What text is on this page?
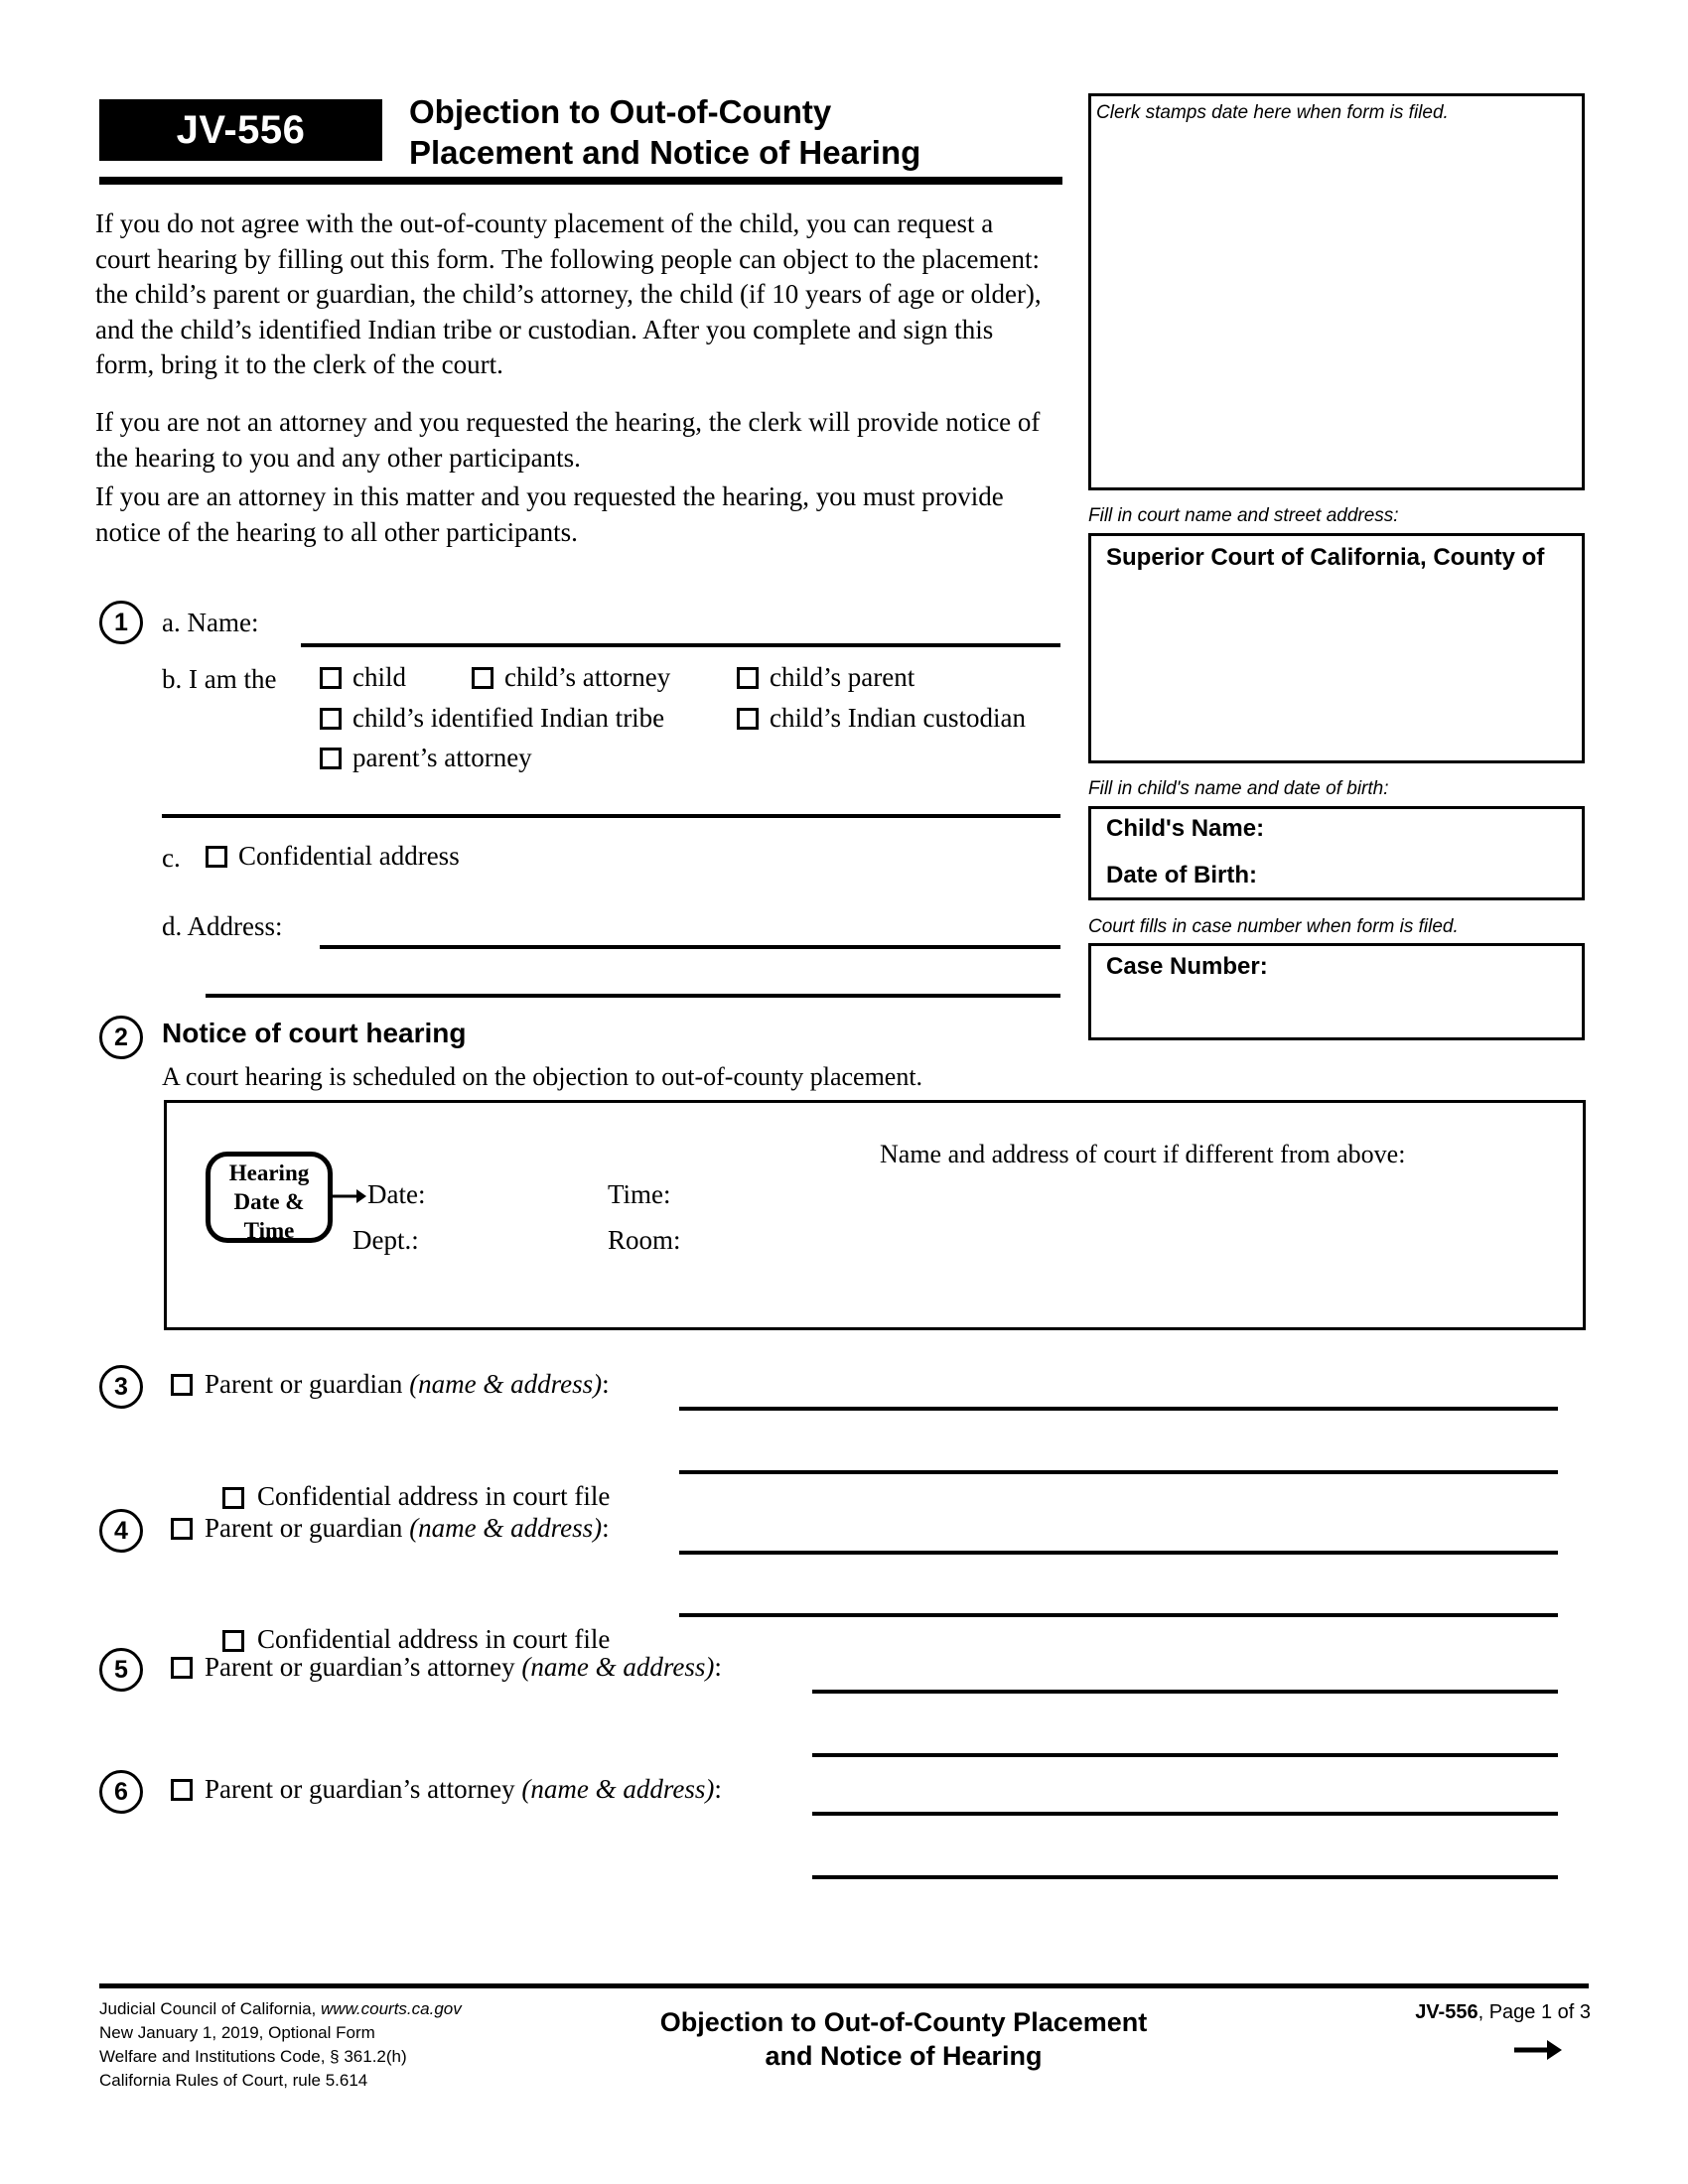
JV-556	Objection to Out-of-County
Placement and Notice of Hearing
If you do not agree with the out-of-county placement of the child, you can request a court hearing by filling out this form. The following people can object to the placement: the child’s parent or guardian, the child’s attorney, the child (if 10 years of age or older), and the child’s identified Indian tribe or custodian. After you complete and sign this form, bring it to the clerk of the court.
If you are not an attorney and you requested the hearing, the clerk will provide notice of the hearing to you and any other participants.
If you are an attorney in this matter and you requested the hearing, you must provide notice of the hearing to all other participants.
Clerk stamps date here when form is filed.
Fill in court name and street address:
Superior Court of California, County of
Fill in child's name and date of birth:
Child's Name:
Date of Birth:
Court fills in case number when form is filed.
Case Number:
1	a. Name:
b. I am the	child	child’s attorney	child’s parent
child’s identified Indian tribe	child’s Indian custodian
parent’s attorney
c. Confidential address
d. Address:
2	Notice of court hearing
A court hearing is scheduled on the objection to out-of-county placement.
Hearing
Date &
Time
Date:	Time:
Dept.:	Room:
Name and address of court if different from above:
3	Parent or guardian (name & address):
Confidential address in court file
4	Parent or guardian (name & address):
Confidential address in court file
5	Parent or guardian’s attorney (name & address):
6	Parent or guardian’s attorney (name & address):
Judicial Council of California, www.courts.ca.gov
New January 1, 2019, Optional Form
Welfare and Institutions Code, § 361.2(h)
California Rules of Court, rule 5.614
Objection to Out-of-County Placement
and Notice of Hearing
JV-556, Page 1 of 3
